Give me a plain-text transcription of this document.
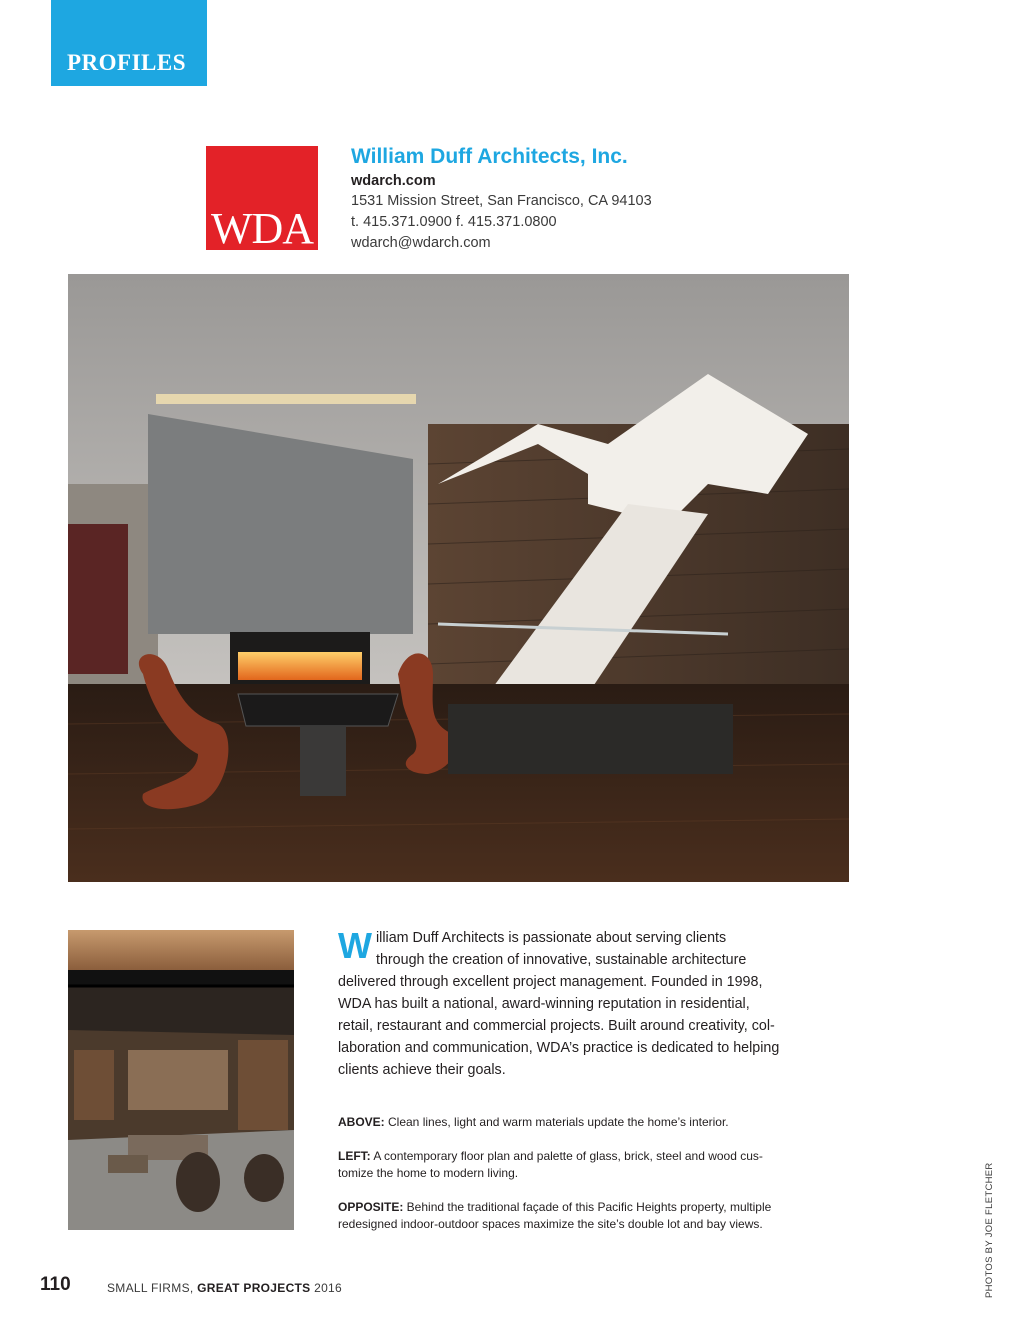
PROFILES
WDA
William Duff Architects, Inc.
wdarch.com
1531 Mission Street, San Francisco, CA 94103
t. 415.371.0900 f. 415.371.0800
wdarch@wdarch.com
William Duff Architects is passionate about serving clients
through the creation of innovative, sustainable architecture
delivered through excellent project management. Founded in 1998, WDA has built a national, award-winning reputation in residential, retail, restaurant and commercial projects. Built around creativity, col-laboration and communication, WDA’s practice is dedicated to helping clients achieve their goals.

ABOVE: Clean lines, light and warm materials update the home’s interior.

LEFT: A contemporary floor plan and palette of glass, brick, steel and wood cus-tomize the home to modern living.

OPPOSITE: Behind the traditional façade of this Pacific Heights property, multiple redesigned indoor-outdoor spaces maximize the site’s double lot and bay views.	PHOTOS BY JOE FLETCHER
110	SMALL FIRMS, GREAT PROJECTS 2016
